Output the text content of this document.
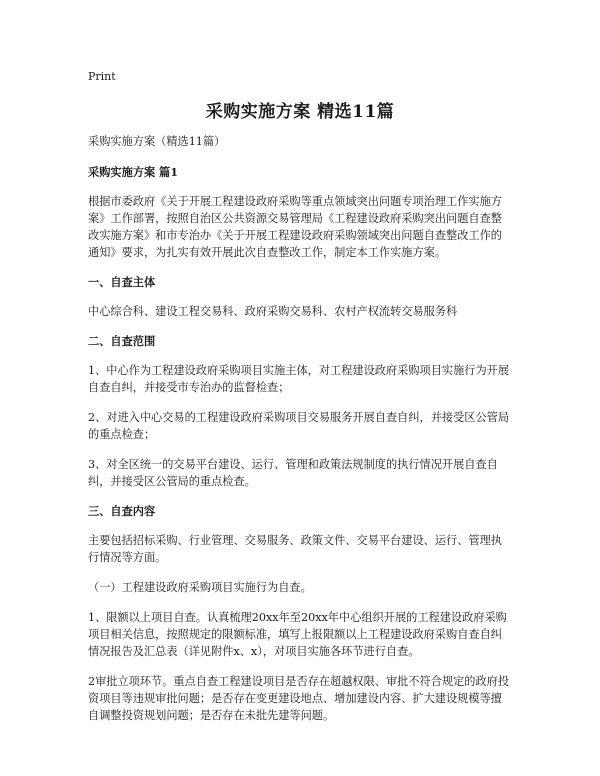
Print
采购实施方案 精选11篇

采购实施方案（精选11篇）

采购实施方案 篇1

根据市委政府《关于开展工程建设政府采购等重点领域突出问题专项治理工作实施方案》工作部署，按照自治区公共资源交易管理局《工程建设政府采购突出问题自查整改实施方案》和市专治办《关于开展工程建设政府采购领域突出问题自查整改工作的通知》要求，为扎实有效开展此次自查整改工作，制定本工作实施方案。

一、自查主体

中心综合科、建设工程交易科、政府采购交易科、农村产权流转交易服务科

二、自查范围

1、中心作为工程建设政府采购项目实施主体，对工程建设政府采购项目实施行为开展自查自纠，并接受市专治办的监督检查；

2、对进入中心交易的工程建设政府采购项目交易服务开展自查自纠，并接受区公管局的重点检查；

3、对全区统一的交易平台建设、运行、管理和政策法规制度的执行情况开展自查自纠，并接受区公管局的重点检查。

三、自查内容

主要包括招标采购、行业管理、交易服务、政策文件、交易平台建设、运行、管理执行情况等方面。

（一）工程建设政府采购项目实施行为自查。

1、限额以上项目自查。认真梳理20xx年至20xx年中心组织开展的工程建设政府采购项目相关信息，按照规定的限额标准，填写上报限额以上工程建设政府采购自查自纠情况报告及汇总表（详见附件x、x），对项目实施各环节进行自查。

2审批立项环节。重点自查工程建设项目是否存在超越权限、审批不符合规定的政府投资项目等违规审批问题；是否存在变更建设地点、增加建设内容、扩大建设规模等擅自调整投资规划问题；是否存在未批先建等问题。
